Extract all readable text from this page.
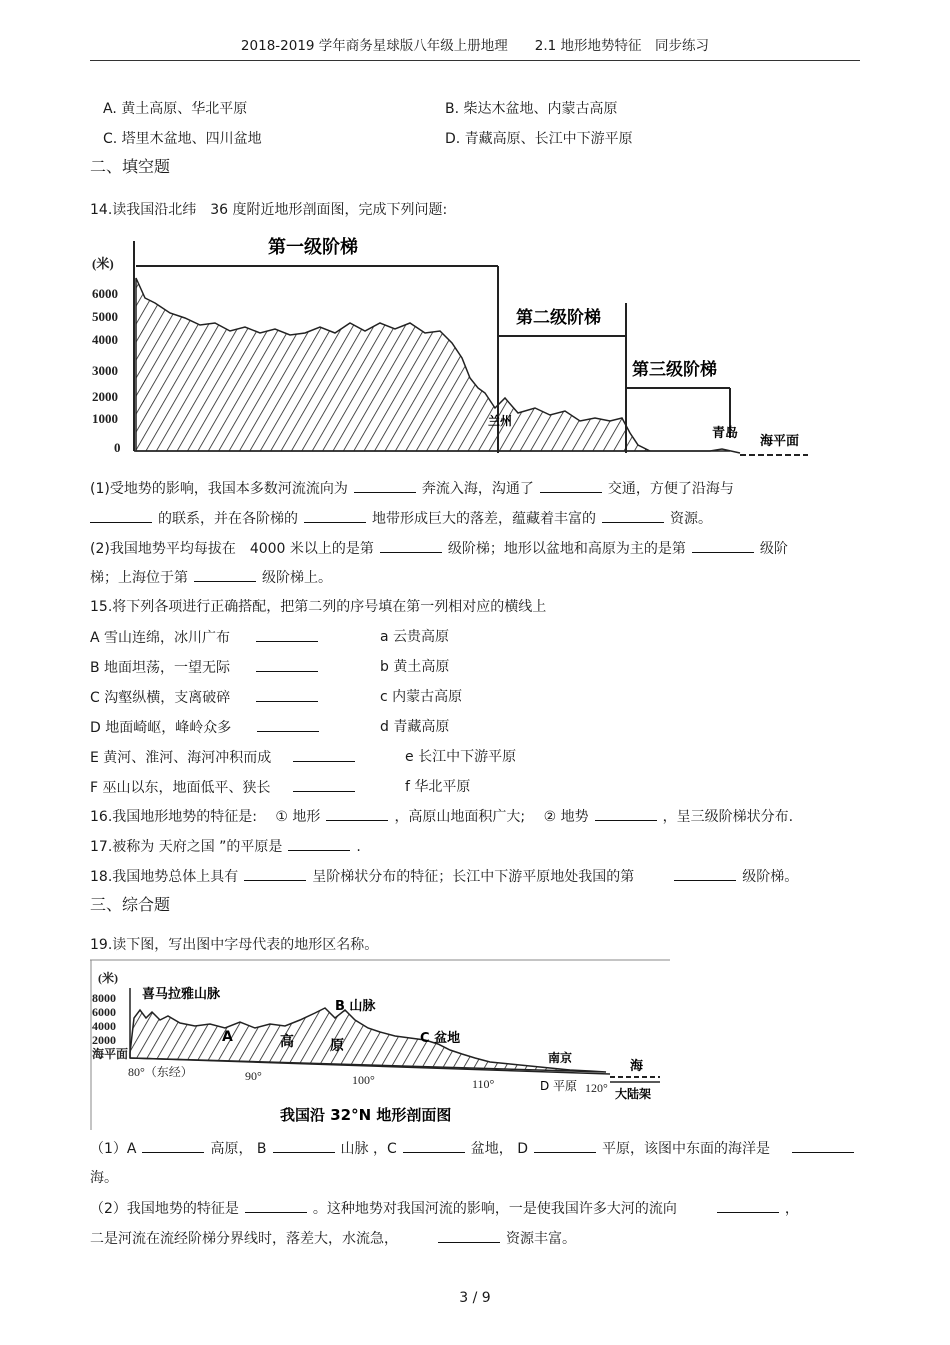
2018-2019 学年商务星球版八年级上册地理　　2.1 地形地势特征　同步练习
A. 黄土高原、华北平原	B. 柴达木盆地、内蒙古高原
C. 塔里木盆地、四川盆地	D. 青藏高原、长江中下游平原
二、填空题
14.读我国沿北纬　36 度附近地形剖面图，完成下列问题:
(米)
6000
5000
4000
3000
2000
1000
0
第一级阶梯
第二级阶梯
第三级阶梯
兰州
青岛
海平面
(1)受地势的影响，我国本多数河流流向为	奔流入海，沟通了	交通，方便了沿海与
的联系，并在各阶梯的	地带形成巨大的落差，蕴藏着丰富的	资源。
(2)我国地势平均每拔在　4000 米以上的是第	级阶梯；地形以盆地和高原为主的是第	级阶
梯；上海位于第	级阶梯上。
15.将下列各项进行正确搭配，把第二列的序号填在第一列相对应的横线上
A 雪山连绵，冰川广布	a 云贵高原
B 地面坦荡，一望无际	b 黄土高原
C 沟壑纵横，支离破碎	c 内蒙古高原
D 地面崎岖，峰岭众多	d 青藏高原
E 黄河、淮河、海河冲积而成	e 长江中下游平原
F 巫山以东，地面低平、狭长	f 华北平原
16.我国地形地势的特征是:　 ① 地形	，高原山地面积广大;　 ② 地势	，呈三级阶梯状分布.
17.被称为 天府之国 ”的平原是	.
18.我国地势总体上具有	呈阶梯状分布的特征；长江中下游平原地处我国的第	级阶梯。
三、综合题
19.读下图，写出图中字母代表的地形区名称。
(米)
8000
6000
4000
2000
海平面
喜马拉雅山脉
B 山脉
C 盆地
A	高	原
南京
海
大陆架
D 平原
80°（东经）	90°	100°	110°	120°
我国沿 32°N 地形剖面图
（1）A	高原， B	山脉 ，C	盆地， D	平原，该图中东面的海洋是
海。
（2）我国地势的特征是	。这种地势对我国河流的影响，一是使我国许多大河的流向	，
二是河流在流经阶梯分界线时，落差大，水流急，	资源丰富。
3 / 9
